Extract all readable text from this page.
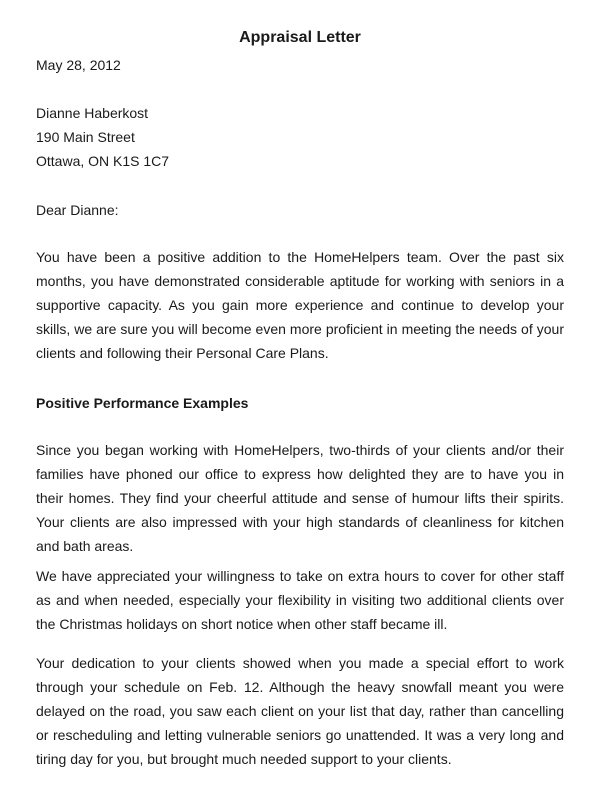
Appraisal Letter
May 28, 2012
Dianne Haberkost
190 Main Street
Ottawa, ON K1S 1C7
Dear Dianne:
You have been a positive addition to the HomeHelpers team. Over the past six months, you have demonstrated considerable aptitude for working with seniors in a supportive capacity. As you gain more experience and continue to develop your skills, we are sure you will become even more proficient in meeting the needs of your clients and following their Personal Care Plans.
Positive Performance Examples
Since you began working with HomeHelpers, two-thirds of your clients and/or their families have phoned our office to express how delighted they are to have you in their homes. They find your cheerful attitude and sense of humour lifts their spirits. Your clients are also impressed with your high standards of cleanliness for kitchen and bath areas.
We have appreciated your willingness to take on extra hours to cover for other staff as and when needed, especially your flexibility in visiting two additional clients over the Christmas holidays on short notice when other staff became ill.
Your dedication to your clients showed when you made a special effort to work through your schedule on Feb. 12. Although the heavy snowfall meant you were delayed on the road, you saw each client on your list that day, rather than cancelling or rescheduling and letting vulnerable seniors go unattended. It was a very long and tiring day for you, but brought much needed support to your clients.
